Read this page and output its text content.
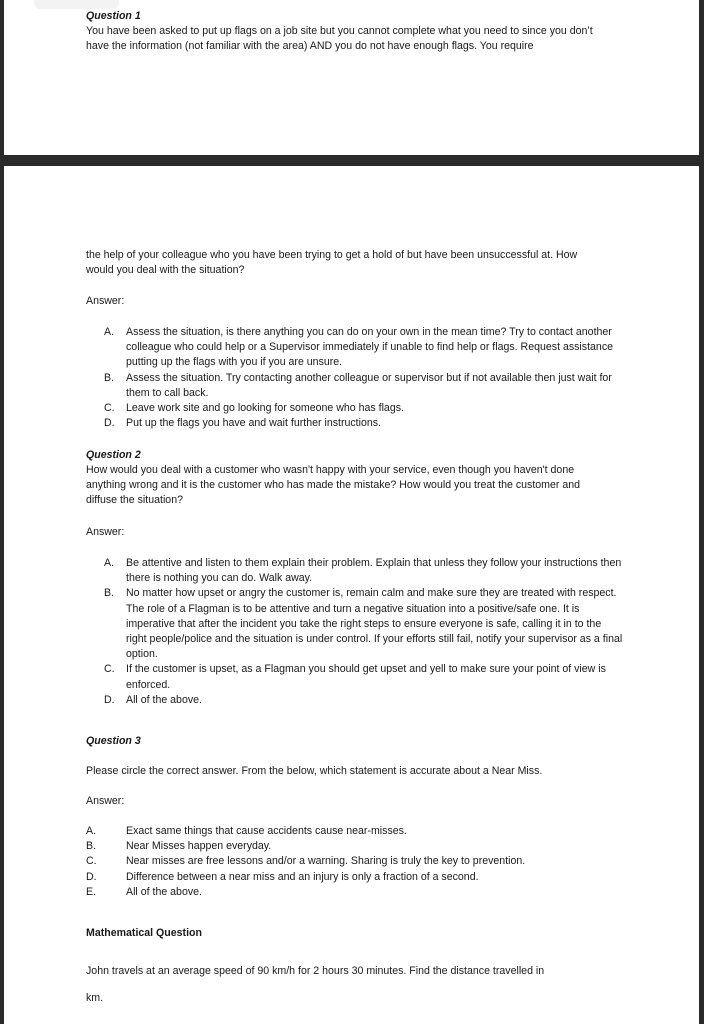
Question 1

You have been asked to put up flags on a job site but you cannot complete what you need to since you don’t have the information (not familiar with the area) AND you do not have enough flags. You require

the help of your colleague who you have been trying to get a hold of but have been unsuccessful at. How would you deal with the situation?

Answer:

A.	Assess the situation, is there anything you can do on your own in the mean time? Try to contact another colleague who could help or a Supervisor immediately if unable to find help or flags. Request assistance putting up the flags with you if you are unsure.
B.	Assess the situation. Try contacting another colleague or supervisor but if not available then just wait for them to call back.
C.	Leave work site and go looking for someone who has flags.
D.	Put up the flags you have and wait further instructions.

Question 2

How would you deal with a customer who wasn't happy with your service, even though you haven't done anything wrong and it is the customer who has made the mistake? How would you treat the customer and diffuse the situation?

Answer:

A.	Be attentive and listen to them explain their problem. Explain that unless they follow your instructions then there is nothing you can do. Walk away.
B.	No matter how upset or angry the customer is, remain calm and make sure they are treated with respect. The role of a Flagman is to be attentive and turn a negative situation into a positive/safe one. It is imperative that after the incident you take the right steps to ensure everyone is safe, calling it in to the right people/police and the situation is under control. If your efforts still fail, notify your supervisor as a final option.
C.	If the customer is upset, as a Flagman you should get upset and yell to make sure your point of view is enforced.
D.	All of the above.

Question 3

Please circle the correct answer. From the below, which statement is accurate about a Near Miss.

Answer:

A.	Exact same things that cause accidents cause near-misses.
B.	Near Misses happen everyday.
C.	Near misses are free lessons and/or a warning. Sharing is truly the key to prevention.
D.	Difference between a near miss and an injury is only a fraction of a second.
E.	All of the above.

Mathematical Question

John travels at an average speed of 90 km/h for 2 hours 30 minutes. Find the distance travelled in

km.
